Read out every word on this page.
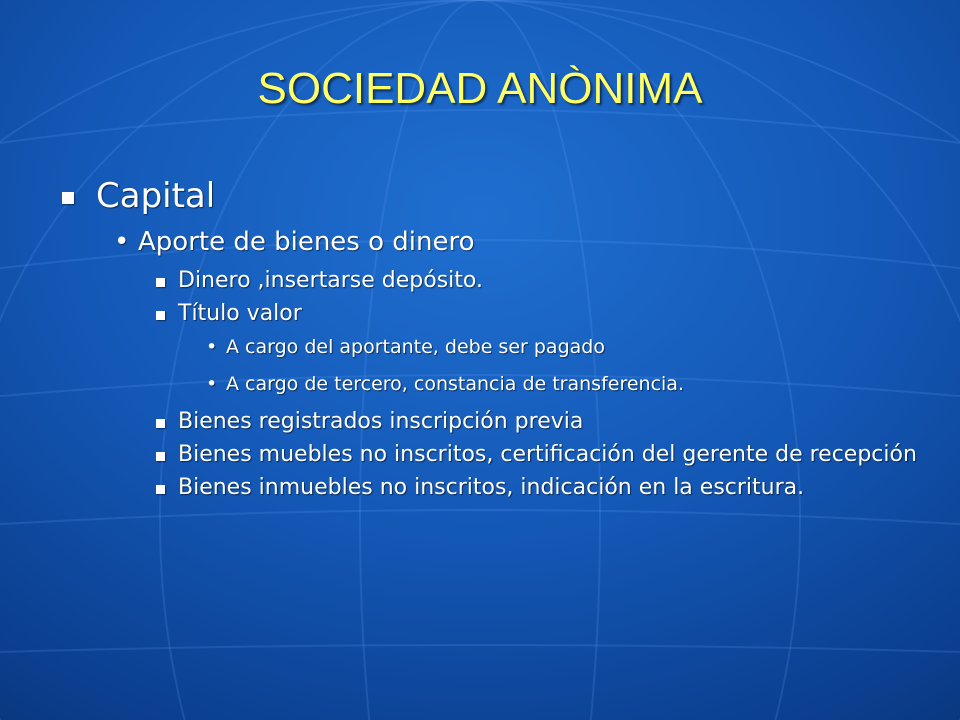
SOCIEDAD ANÒNIMA
Capital
• Aporte de bienes o dinero
Dinero ,insertarse depósito.
Título valor
• A cargo del aportante, debe ser pagado
• A cargo de tercero, constancia de transferencia.
Bienes registrados inscripción previa
Bienes muebles no inscritos, certificación del gerente de recepción
Bienes inmuebles no inscritos, indicación en la escritura.
